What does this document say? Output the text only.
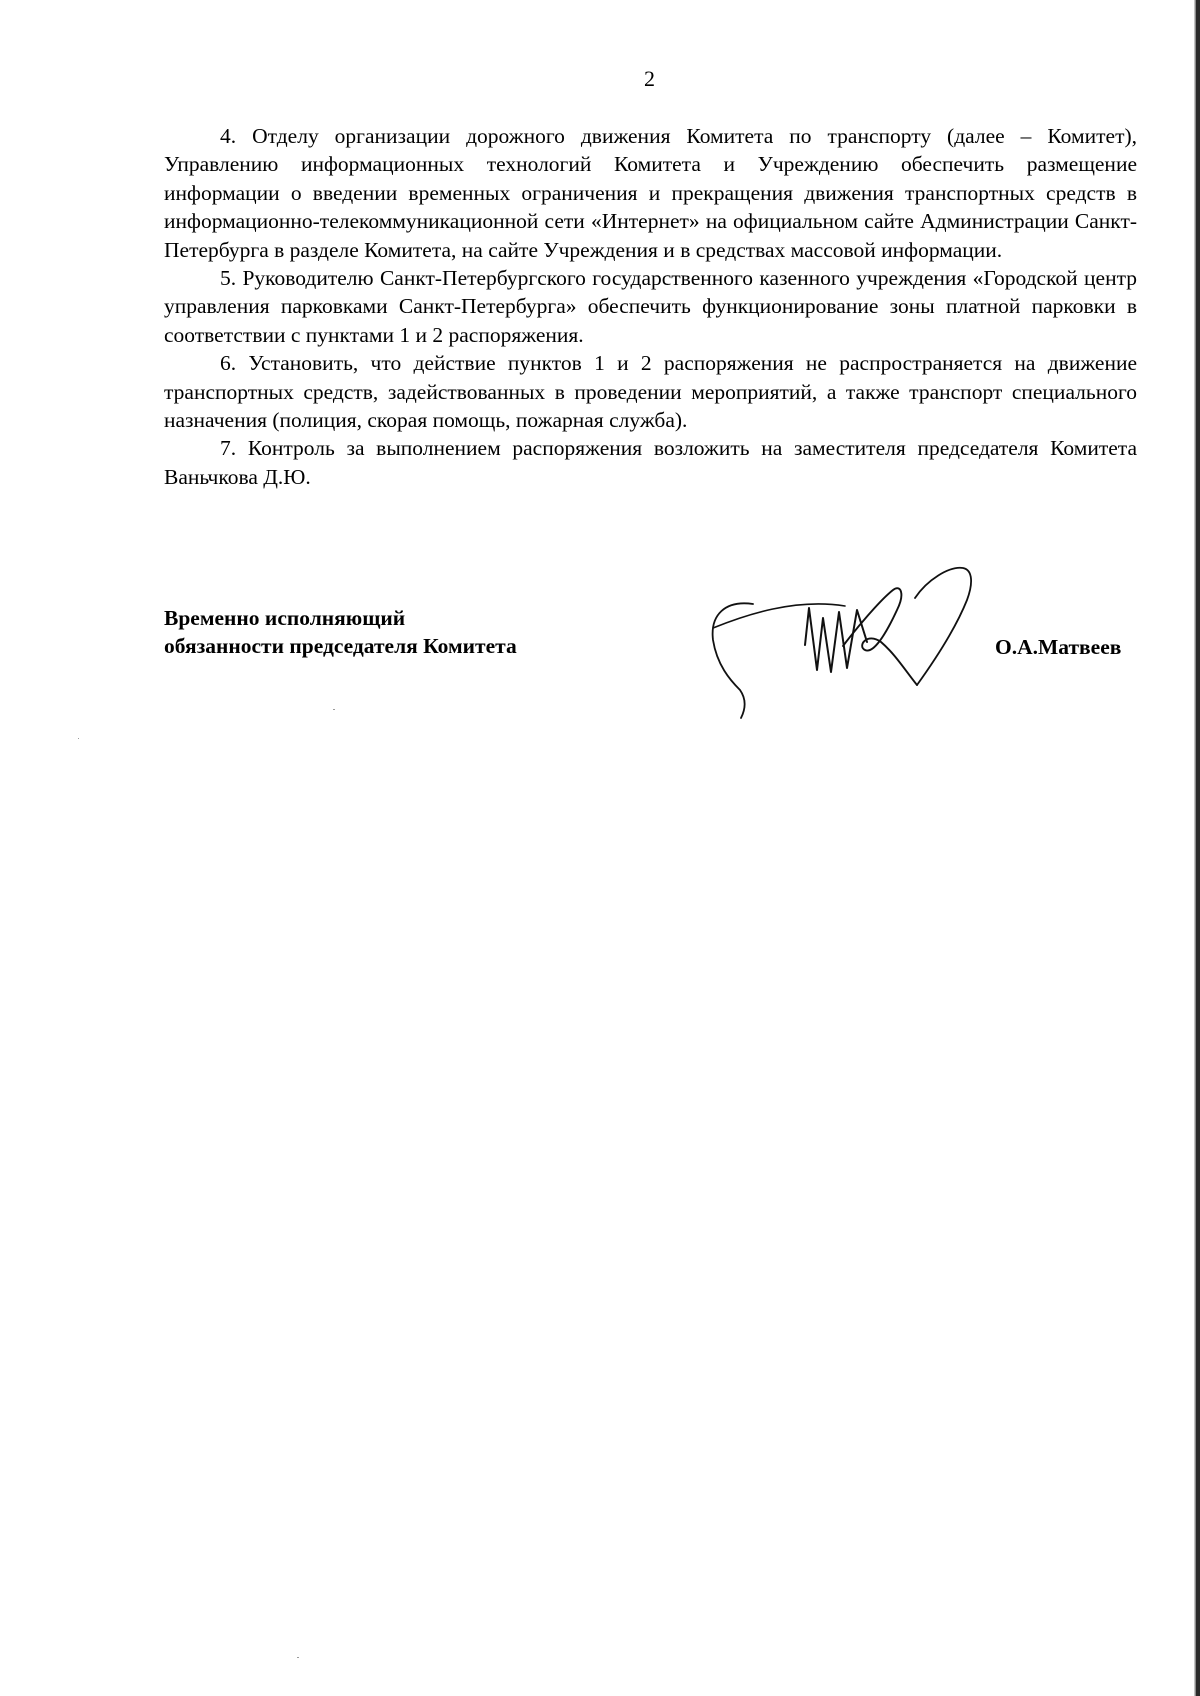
2

4. Отделу организации дорожного движения Комитета по транспорту (далее – Комитет), Управлению информационных технологий Комитета и Учреждению обеспечить размещение информации о введении временных ограничения и прекращения движения транспортных средств в информационно-телекоммуникационной сети «Интернет» на официальном сайте Администрации Санкт-Петербурга в разделе Комитета, на сайте Учреждения и в средствах массовой информации.

5. Руководителю Санкт-Петербургского государственного казенного учреждения «Городской центр управления парковками Санкт-Петербурга» обеспечить функционирование зоны платной парковки в соответствии с пунктами 1 и 2 распоряжения.

6. Установить, что действие пунктов 1 и 2 распоряжения не распространяется на движение транспортных средств, задействованных в проведении мероприятий, а также транспорт специального назначения (полиция, скорая помощь, пожарная служба).

7. Контроль за выполнением распоряжения возложить на заместителя председателя Комитета Ваньчкова Д.Ю.

Временно исполняющий
обязанности председателя Комитета	О.А.Матвеев
